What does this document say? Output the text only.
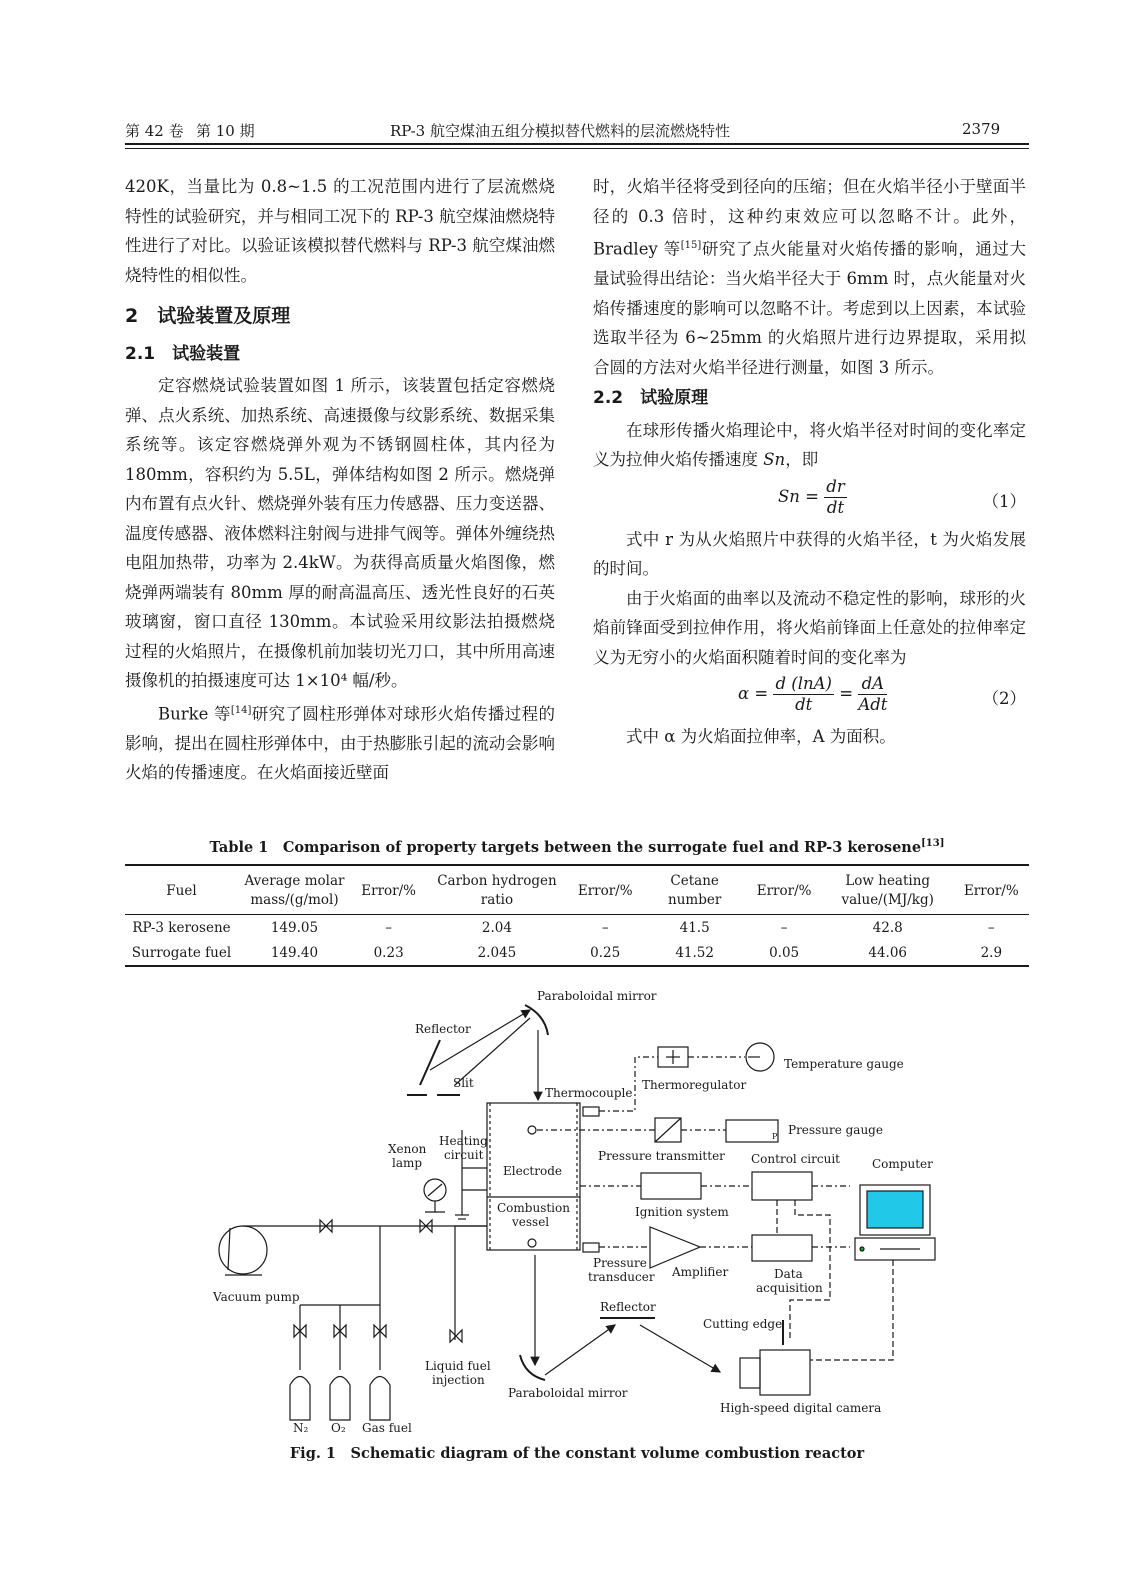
第 42 卷 第 10 期	RP-3 航空煤油五组分模拟替代燃料的层流燃烧特性	2379

420K，当量比为 0.8~1.5 的工况范围内进行了层流燃烧特性的试验研究，并与相同工况下的 RP-3 航空煤油燃烧特性进行了对比。以验证该模拟替代燃料与 RP-3 航空煤油燃烧特性的相似性。

2　试验装置及原理
2.1　试验装置

定容燃烧试验装置如图 1 所示，该装置包括定容燃烧弹、点火系统、加热系统、高速摄像与纹影系统、数据采集系统等。该定容燃烧弹外观为不锈钢圆柱体，其内径为 180mm，容积约为 5.5L，弹体结构如图 2 所示。燃烧弹内布置有点火针、燃烧弹外装有压力传感器、压力变送器、温度传感器、液体燃料注射阀与进排气阀等。弹体外缠绕热电阻加热带，功率为 2.4kW。为获得高质量火焰图像，燃烧弹两端装有 80mm 厚的耐高温高压、透光性良好的石英玻璃窗，窗口直径 130mm。本试验采用纹影法拍摄燃烧过程的火焰照片，在摄像机前加装切光刀口，其中所用高速摄像机的拍摄速度可达 1×10⁴ 幅/秒。

Burke 等[14]研究了圆柱形弹体对球形火焰传播过程的影响，提出在圆柱形弹体中，由于热膨胀引起的流动会影响火焰的传播速度。在火焰面接近壁面

时，火焰半径将受到径向的压缩；但在火焰半径小于壁面半径的 0.3 倍时，这种约束效应可以忽略不计。此外，Bradley 等[15]研究了点火能量对火焰传播的影响，通过大量试验得出结论：当火焰半径大于 6mm 时，点火能量对火焰传播速度的影响可以忽略不计。考虑到以上因素，本试验选取半径为 6~25mm 的火焰照片进行边界提取，采用拟合圆的方法对火焰半径进行测量，如图 3 所示。

2.2　试验原理

在球形传播火焰理论中，将火焰半径对时间的变化率定义为拉伸火焰传播速度 Sn，即

$Sn = \frac{dr}{dt}$	（1）

式中 r 为从火焰照片中获得的火焰半径，t 为火焰发展的时间。

由于火焰面的曲率以及流动不稳定性的影响，球形的火焰前锋面受到拉伸作用，将火焰前锋面上任意处的拉伸率定义为无穷小的火焰面积随着时间的变化率为

$\alpha = \frac{d (\ln A)}{dt} = \frac{dA}{\text{Adt}}$	（2）

式中 α 为火焰面拉伸率，A 为面积。

Table 1　Comparison of property targets between the surrogate fuel and RP-3 kerosene[13]
Fuel	Average molar mass/(g/mol)	Error/%	Carbon hydrogen ratio	Error/%	Cetane number	Error/%	Low heating value/(MJ/kg)	Error/%
RP-3 kerosene	149.05	–	2.04	–	41.5	–	42.8	–
Surrogate fuel	149.40	0.23	2.045	0.25	41.52	0.05	44.06	2.9
Paraboloidal mirror
Reflector
Slit
Thermocouple
Thermoregulator
Temperature gauge
Heating
circuit
Xenon
lamp	Pressure transmitter
P Pressure gauge
Control circuit	Computer
Electrode
Combustion
vessel
Ignition system
Pressure
transducer Amplifier	Data
acquisition
Vacuum pump
Reflector
Cutting edge
Liquid fuel
injection
Paraboloidal mirror
High-speed digital camera
N₂ O₂ Gas fuel
Fig. 1　Schematic diagram of the constant volume combustion reactor
